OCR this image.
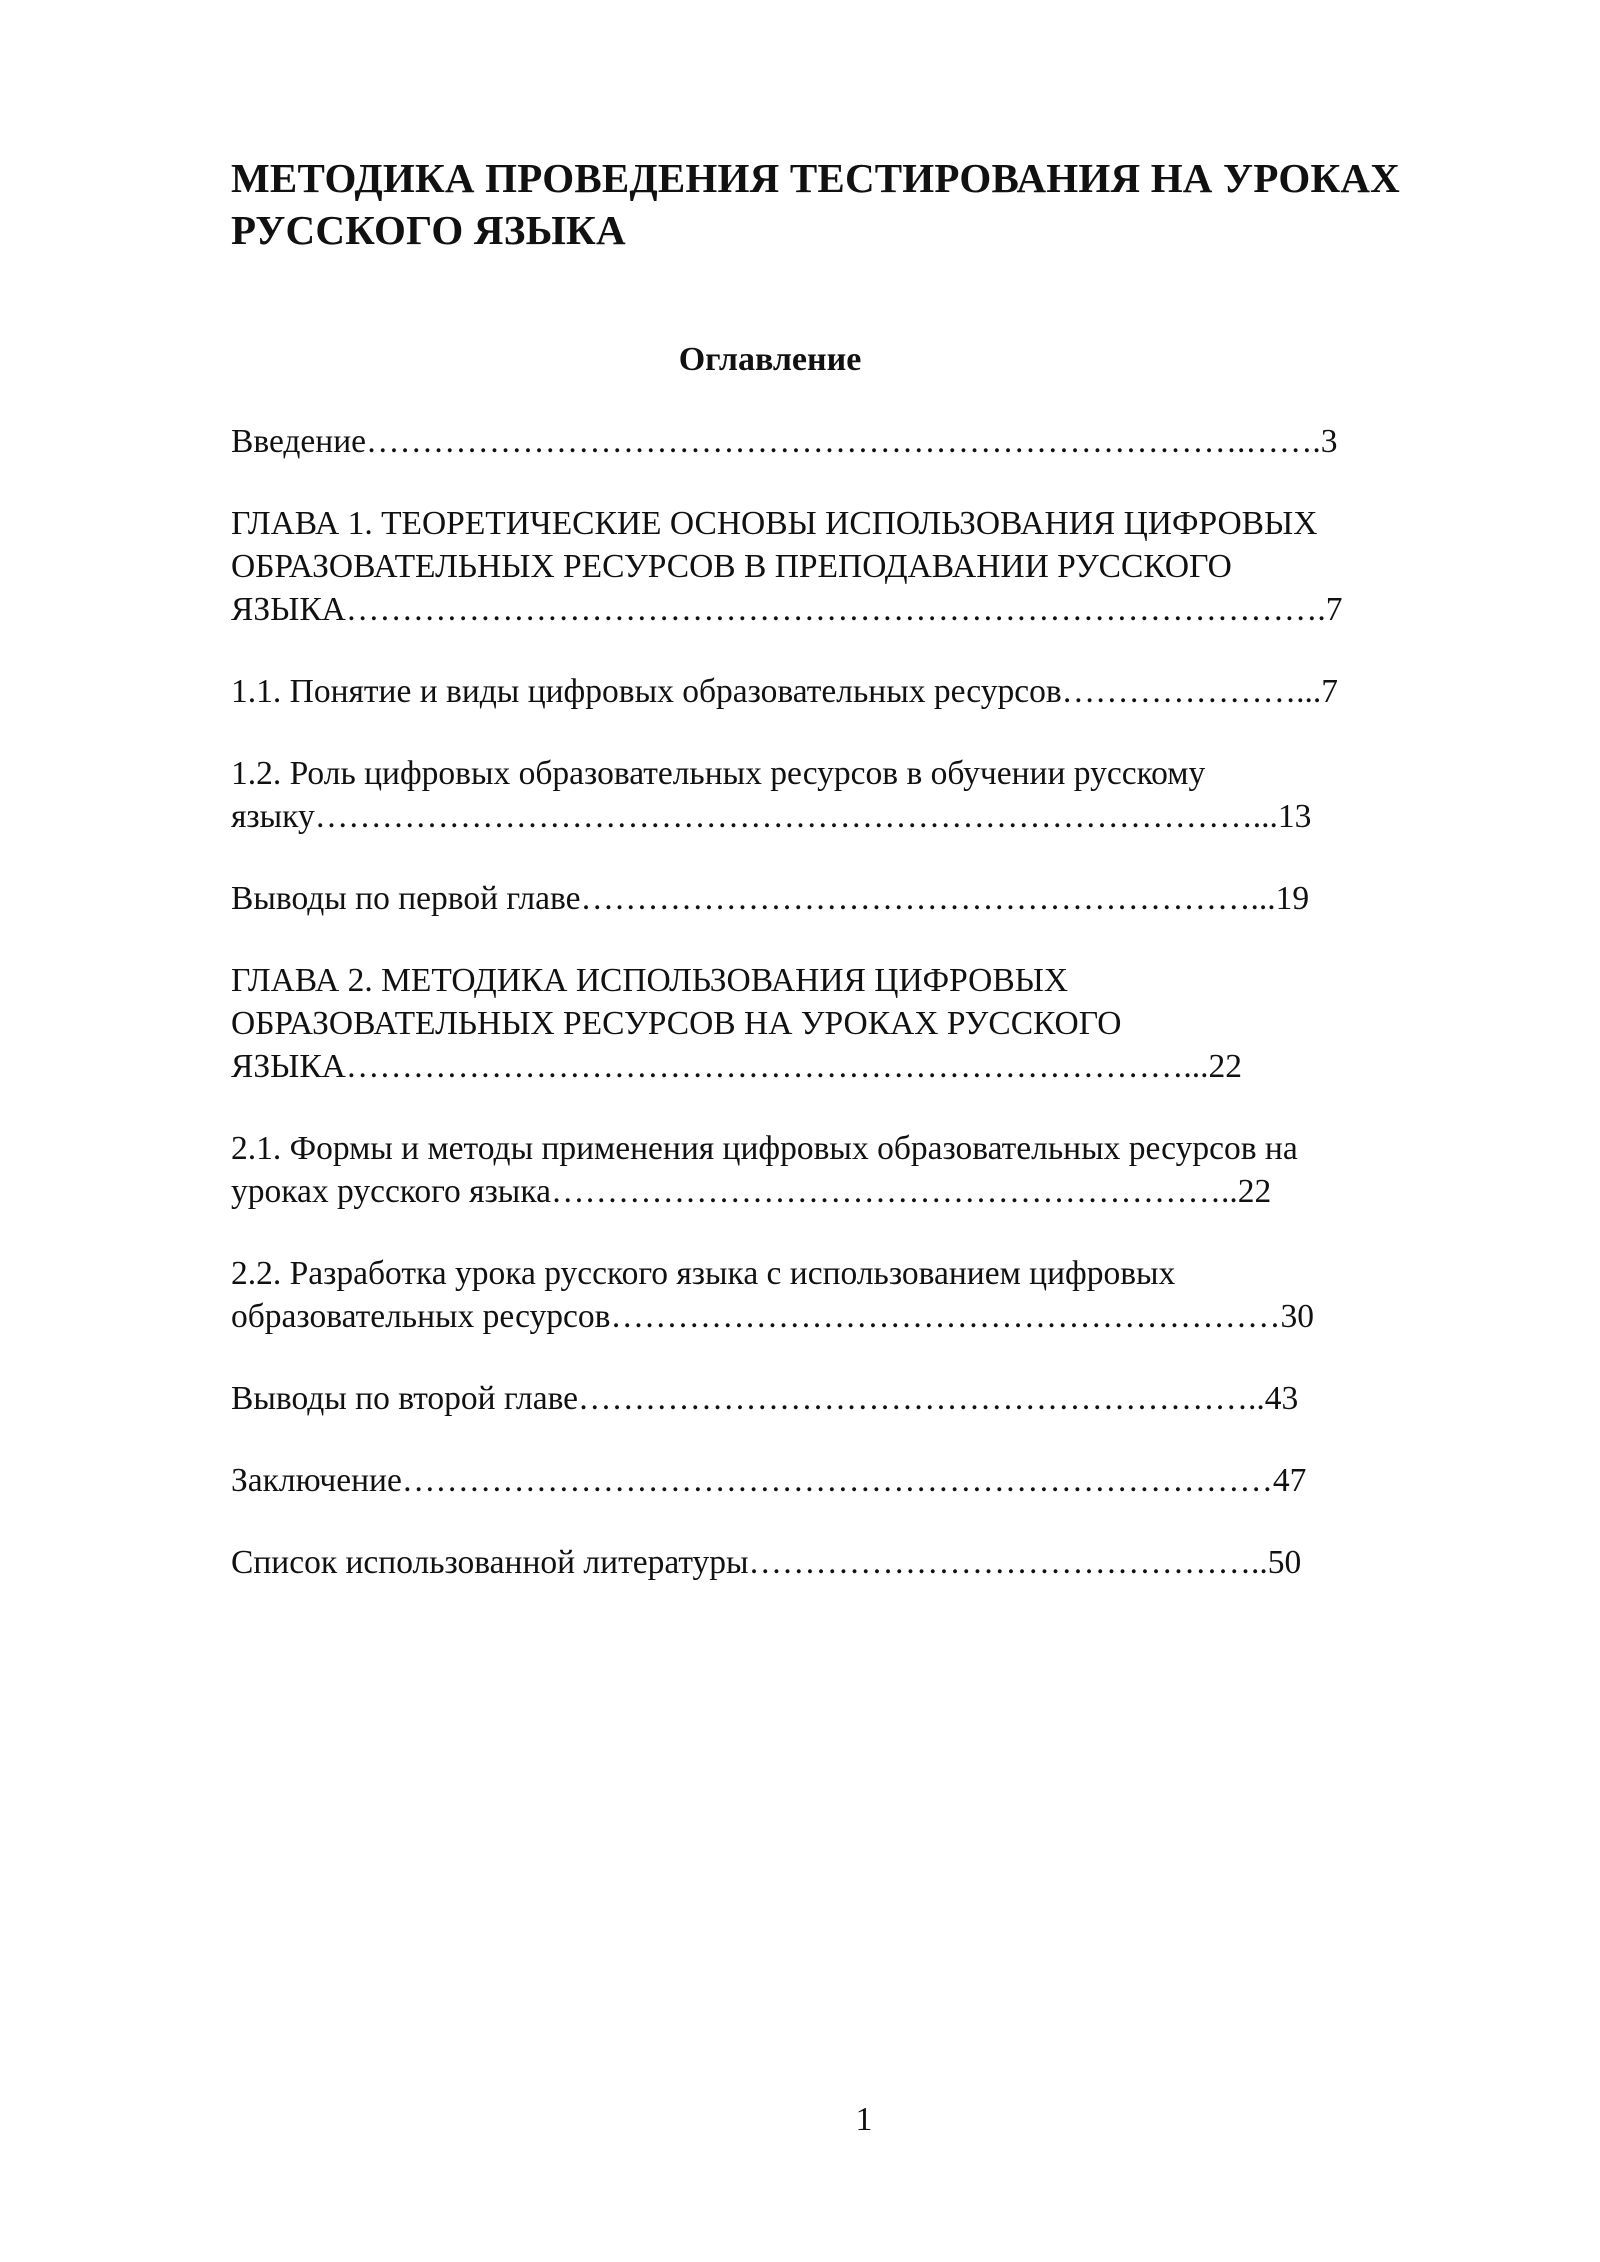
МЕТОДИКА ПРОВЕДЕНИЯ ТЕСТИРОВАНИЯ НА УРОКАХ
РУССКОГО ЯЗЫКА
Оглавление
Введение…………………………………………………………………….…….3
ГЛАВА 1. ТЕОРЕТИЧЕСКИЕ ОСНОВЫ ИСПОЛЬЗОВАНИЯ ЦИФРОВЫХ
ОБРАЗОВАТЕЛЬНЫХ РЕСУРСОВ В ПРЕПОДАВАНИИ РУССКОГО
ЯЗЫКА…………………………………………………………………………….7
1.1. Понятие и виды цифровых образовательных ресурсов…………………...7
1.2. Роль цифровых образовательных ресурсов в обучении русскому
языку…………………………………………………………………………...13
Выводы по первой главе……………………………………………………...19
ГЛАВА 2. МЕТОДИКА ИСПОЛЬЗОВАНИЯ ЦИФРОВЫХ
ОБРАЗОВАТЕЛЬНЫХ РЕСУРСОВ НА УРОКАХ РУССКОГО
ЯЗЫКА…………………………………………………………………...22
2.1. Формы и методы применения цифровых образовательных ресурсов на
уроках русского языка……………………………………………………..22
2.2. Разработка урока русского языка с использованием цифровых
образовательных ресурсов……………………………………………………30
Выводы по второй главе……………………………………………………..43
Заключение……………………………………………………………………47
Список использованной литературы………………………………………..50
1
